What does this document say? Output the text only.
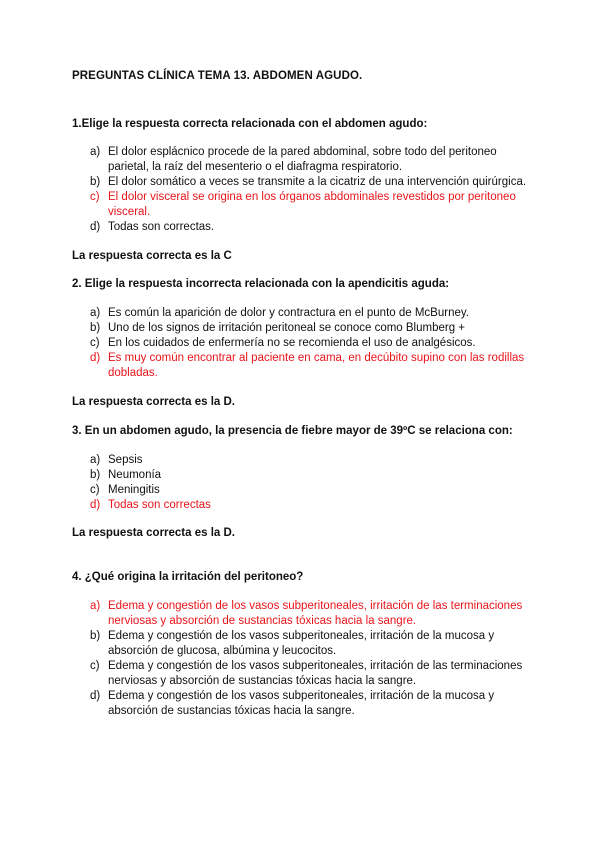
PREGUNTAS CLÍNICA TEMA 13. ABDOMEN AGUDO.
1.Elige la respuesta correcta relacionada con el abdomen agudo:
a) El dolor esplácnico procede de la pared abdominal, sobre todo del peritoneo parietal, la raíz del mesenterio o el diafragma respiratorio.
b) El dolor somático a veces se transmite a la cicatriz de una intervención quirúrgica.
c) El dolor visceral se origina en los órganos abdominales revestidos por peritoneo visceral.
d) Todas son correctas.
La respuesta correcta es la C
2. Elige la respuesta incorrecta relacionada con la apendicitis aguda:
a) Es común la aparición de dolor y contractura en el punto de McBurney.
b) Uno de los signos de irritación peritoneal se conoce como Blumberg +
c) En los cuidados de enfermería no se recomienda el uso de analgésicos.
d) Es muy común encontrar al paciente en cama, en decúbito supino con las rodillas dobladas.
La respuesta correcta es la D.
3. En un abdomen agudo, la presencia de fiebre mayor de 39ºC se relaciona con:
a) Sepsis
b) Neumonía
c) Meningitis
d) Todas son correctas
La respuesta correcta es la D.
4. ¿Qué origina la irritación del peritoneo?
a) Edema y congestión de los vasos subperitoneales, irritación de las terminaciones nerviosas y absorción de sustancias tóxicas hacia la sangre.
b) Edema y congestión de los vasos subperitoneales, irritación de la mucosa y absorción de glucosa, albúmina y leucocitos.
c) Edema y congestión de los vasos subperitoneales, irritación de las terminaciones nerviosas y absorción de sustancias tóxicas hacia la sangre.
d) Edema y congestión de los vasos subperitoneales, irritación de la mucosa y absorción de sustancias tóxicas hacia la sangre.
